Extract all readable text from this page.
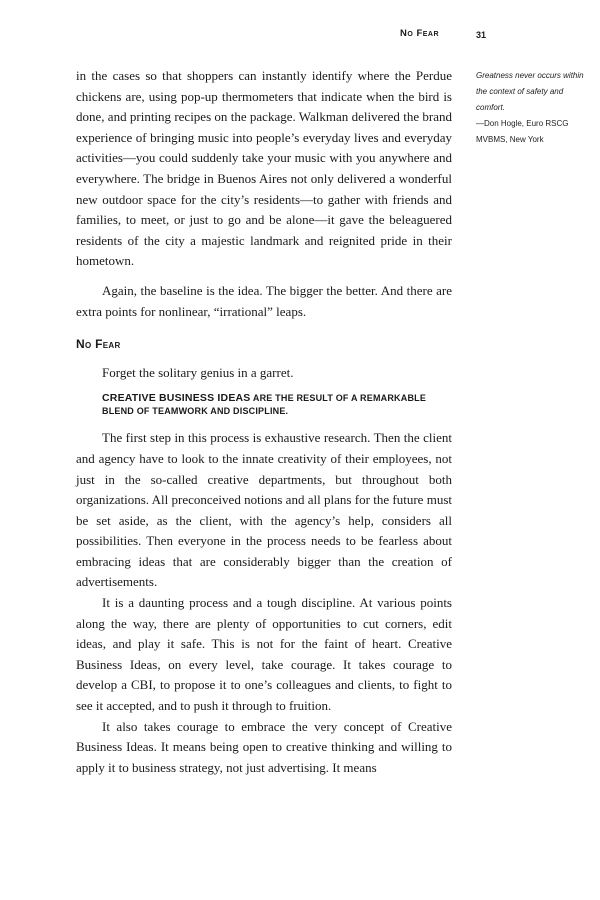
No Fear	31
Greatness never occurs within the context of safety and comfort.
—Don Hogle, Euro RSCG
MVBMS, New York

in the cases so that shoppers can instantly identify where the Perdue chickens are, using pop-up thermometers that indicate when the bird is done, and printing recipes on the package. Walkman delivered the brand experience of bringing music into people’s everyday lives and everyday activities—you could suddenly take your music with you anywhere and everywhere. The bridge in Buenos Aires not only delivered a wonderful new outdoor space for the city’s residents—to gather with friends and families, to meet, or just to go and be alone—it gave the beleaguered residents of the city a majestic landmark and reignited pride in their hometown.

Again, the baseline is the idea. The bigger the better. And there are extra points for nonlinear, “irrational” leaps.

No Fear

Forget the solitary genius in a garret.

CREATIVE BUSINESS IDEAS ARE THE RESULT OF A REMARKABLE BLEND OF TEAMWORK AND DISCIPLINE.

The first step in this process is exhaustive research. Then the client and agency have to look to the innate creativity of their employees, not just in the so-called creative departments, but throughout both organizations. All preconceived notions and all plans for the future must be set aside, as the client, with the agency’s help, considers all possibilities. Then everyone in the process needs to be fearless about embracing ideas that are considerably bigger than the creation of advertisements.

It is a daunting process and a tough discipline. At various points along the way, there are plenty of opportunities to cut corners, edit ideas, and play it safe. This is not for the faint of heart. Creative Business Ideas, on every level, take courage. It takes courage to develop a CBI, to propose it to one’s colleagues and clients, to fight to see it accepted, and to push it through to fruition.

It also takes courage to embrace the very concept of Creative Business Ideas. It means being open to creative thinking and willing to apply it to business strategy, not just advertising. It means
